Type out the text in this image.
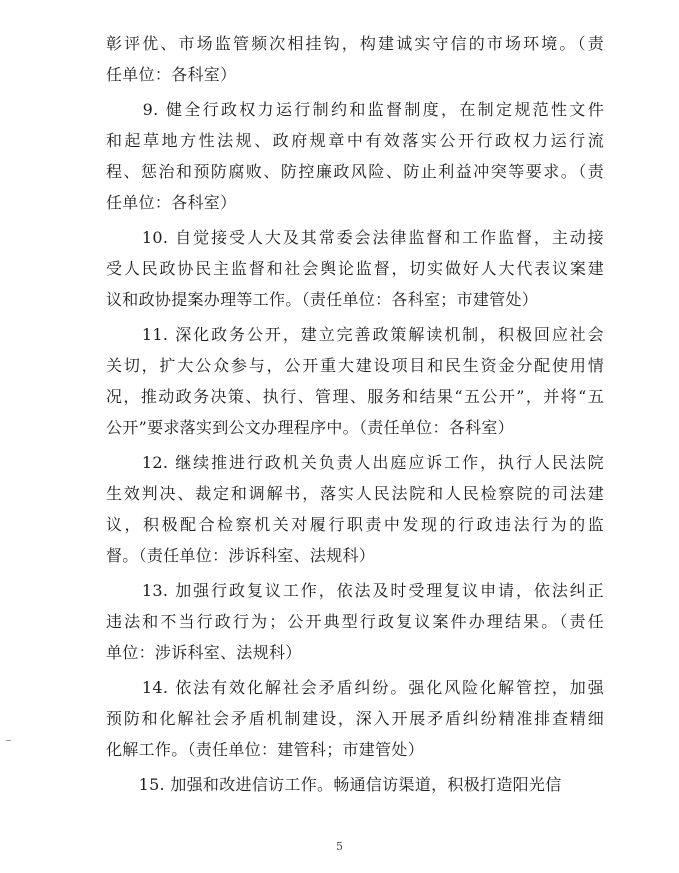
彰评优、市场监管频次相挂钩，构建诚实守信的市场环境。（责
任单位：各科室）
　　9. 健全行政权力运行制约和监督制度，在制定规范性文件
和起草地方性法规、政府规章中有效落实公开行政权力运行流
程、惩治和预防腐败、防控廉政风险、防止利益冲突等要求。（责
任单位：各科室）
　　10. 自觉接受人大及其常委会法律监督和工作监督，主动接
受人民政协民主监督和社会舆论监督，切实做好人大代表议案建
议和政协提案办理等工作。（责任单位：各科室；市建管处）
　　11. 深化政务公开，建立完善政策解读机制，积极回应社会
关切，扩大公众参与，公开重大建设项目和民生资金分配使用情
况，推动政务决策、执行、管理、服务和结果“五公开”，并将“五
公开”要求落实到公文办理程序中。（责任单位：各科室）
　　12. 继续推进行政机关负责人出庭应诉工作，执行人民法院
生效判决、裁定和调解书，落实人民法院和人民检察院的司法建
议，积极配合检察机关对履行职责中发现的行政违法行为的监
督。（责任单位：涉诉科室、法规科）
　　13. 加强行政复议工作，依法及时受理复议申请，依法纠正
违法和不当行政行为；公开典型行政复议案件办理结果。（责任
单位：涉诉科室、法规科）
　　14. 依法有效化解社会矛盾纠纷。强化风险化解管控，加强
预防和化解社会矛盾机制建设，深入开展矛盾纠纷精准排查精细
化解工作。（责任单位：建管科；市建管处）
　　15. 加强和改进信访工作。畅通信访渠道，积极打造阳光信
5
